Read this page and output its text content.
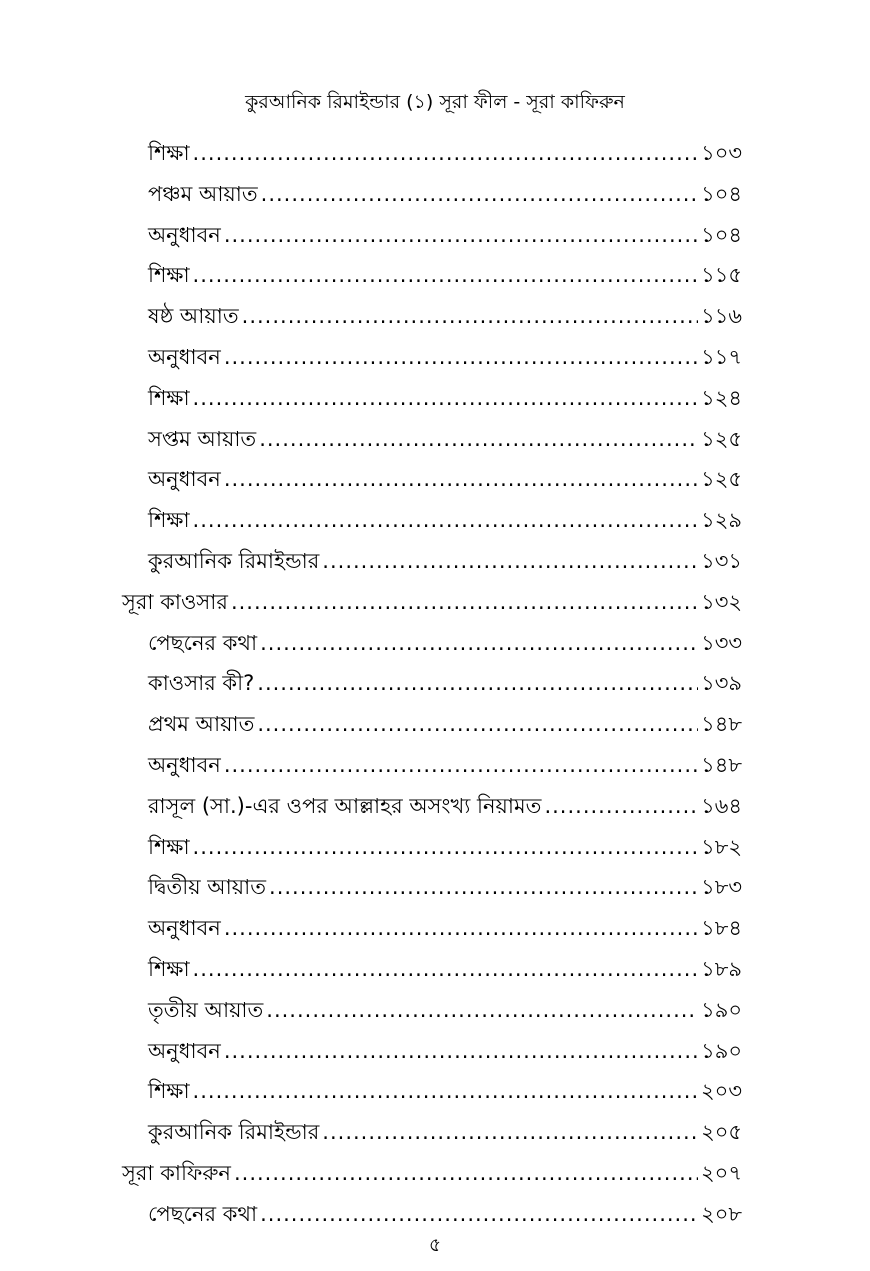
কুরআনিক রিমাইন্ডার (১) সূরা ফীল - সূরা কাফিরুন
শিক্ষা .....	১০৩
পঞ্চম আয়াত .....	১০৪
অনুধাবন .....	১০৪
শিক্ষা .....	১১৫
ষষ্ঠ আয়াত .....	১১৬
অনুধাবন .....	১১৭
শিক্ষা .....	১২৪
সপ্তম আয়াত .....	১২৫
অনুধাবন .....	১২৫
শিক্ষা .....	১২৯
কুরআনিক রিমাইন্ডার .....	১৩১
সূরা কাওসার .....	১৩২
পেছনের কথা .....	১৩৩
কাওসার কী? .....	১৩৯
প্রথম আয়াত .....	১৪৮
অনুধাবন .....	১৪৮
রাসূল (সা.)-এর ওপর আল্লাহর অসংখ্য নিয়ামত .....	১৬৪
শিক্ষা .....	১৮২
দ্বিতীয় আয়াত .....	১৮৩
অনুধাবন .....	১৮৪
শিক্ষা .....	১৮৯
তৃতীয় আয়াত .....	১৯০
অনুধাবন .....	১৯০
শিক্ষা .....	২০৩
কুরআনিক রিমাইন্ডার .....	২০৫
সূরা কাফিরুন .....	২০৭
পেছনের কথা .....	২০৮
৫
